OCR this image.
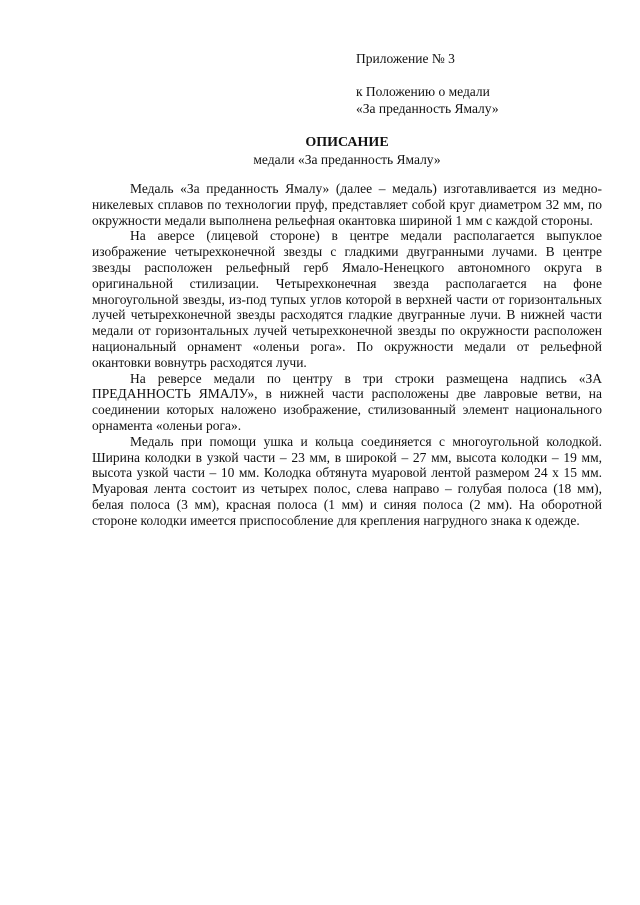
Приложение № 3
к Положению о медали
«За преданность Ямалу»
ОПИСАНИЕ
медали «За преданность Ямалу»

Медаль «За преданность Ямалу» (далее – медаль) изготавливается из медно-никелевых сплавов по технологии пруф, представляет собой круг диаметром 32 мм, по окружности медали выполнена рельефная окантовка шириной 1 мм с каждой стороны.

На аверсе (лицевой стороне) в центре медали располагается выпуклое изображение четырехконечной звезды с гладкими двугранными лучами. В центре звезды расположен рельефный герб Ямало-Ненецкого автономного округа в оригинальной стилизации. Четырехконечная звезда располагается на фоне многоугольной звезды, из-под тупых углов которой в верхней части от горизонтальных лучей четырехконечной звезды расходятся гладкие двугранные лучи. В нижней части медали от горизонтальных лучей четырехконечной звезды по окружности расположен национальный орнамент «оленьи рога». По окружности медали от рельефной окантовки вовнутрь расходятся лучи.

На реверсе медали по центру в три строки размещена надпись «ЗА ПРЕДАННОСТЬ ЯМАЛУ», в нижней части расположены две лавровые ветви, на соединении которых наложено изображение, стилизованный элемент национального орнамента «оленьи рога».

Медаль при помощи ушка и кольца соединяется с многоугольной колодкой. Ширина колодки в узкой части – 23 мм, в широкой – 27 мм, высота колодки – 19 мм, высота узкой части – 10 мм. Колодка обтянута муаровой лентой размером 24 х 15 мм. Муаровая лента состоит из четырех полос, слева направо – голубая полоса (18 мм), белая полоса (3 мм), красная полоса (1 мм) и синяя полоса (2 мм). На оборотной стороне колодки имеется приспособление для крепления нагрудного знака к одежде.
